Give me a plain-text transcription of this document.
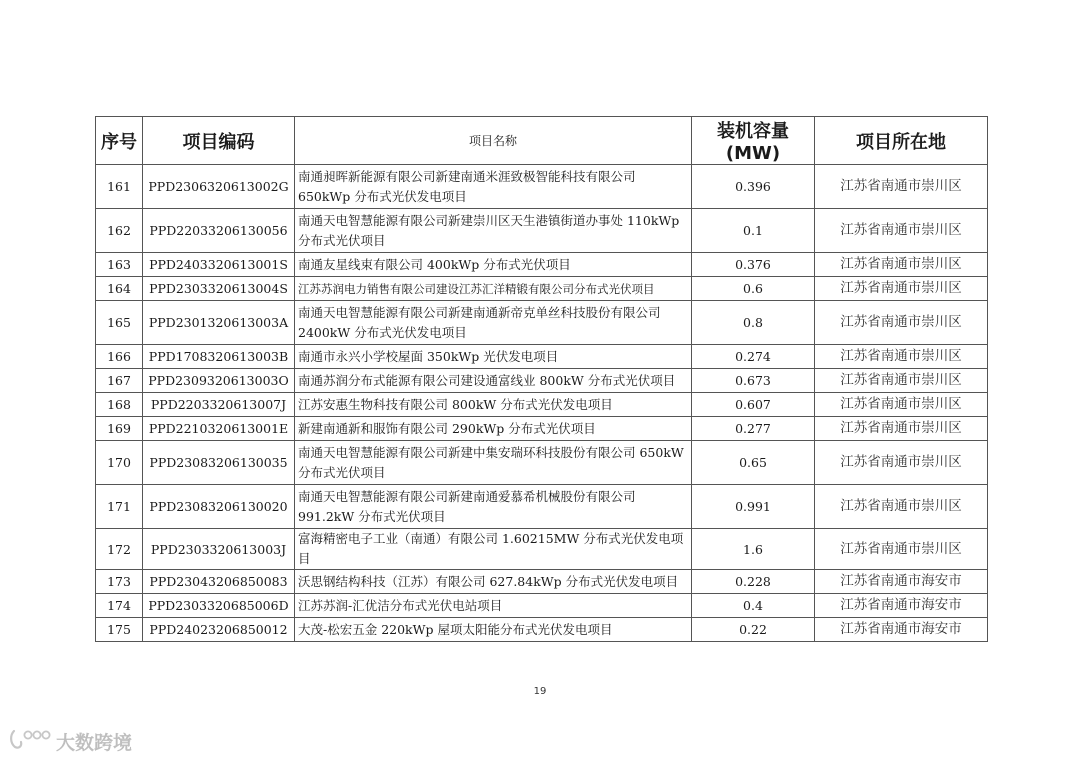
序号	项目编码	项目名称	装机容量(MW)	项目所在地
161	PPD2306320613002G	南通昶晖新能源有限公司新建南通米涯致极智能科技有限公司 650kWp 分布式光伏发电项目	0.396	江苏省南通市崇川区
162	PPD22033206130056	南通天电智慧能源有限公司新建崇川区天生港镇街道办事处 110kWp 分布式光伏项目	0.1	江苏省南通市崇川区
163	PPD2403320613001S	南通友星线束有限公司 400kWp 分布式光伏项目	0.376	江苏省南通市崇川区
164	PPD2303320613004S	江苏苏润电力销售有限公司建设江苏汇洋精锻有限公司分布式光伏项目	0.6	江苏省南通市崇川区
165	PPD2301320613003A	南通天电智慧能源有限公司新建南通新帝克单丝科技股份有限公司 2400kW 分布式光伏发电项目	0.8	江苏省南通市崇川区
166	PPD1708320613003B	南通市永兴小学校屋面 350kWp 光伏发电项目	0.274	江苏省南通市崇川区
167	PPD2309320613003O	南通苏润分布式能源有限公司建设通富线业 800kW 分布式光伏项目	0.673	江苏省南通市崇川区
168	PPD2203320613007J	江苏安惠生物科技有限公司 800kW 分布式光伏发电项目	0.607	江苏省南通市崇川区
169	PPD2210320613001E	新建南通新和服饰有限公司 290kWp 分布式光伏项目	0.277	江苏省南通市崇川区
170	PPD23083206130035	南通天电智慧能源有限公司新建中集安瑞环科技股份有限公司 650kW 分布式光伏项目	0.65	江苏省南通市崇川区
171	PPD23083206130020	南通天电智慧能源有限公司新建南通爱慕希机械股份有限公司 991.2kW 分布式光伏项目	0.991	江苏省南通市崇川区
172	PPD2303320613003J	富海精密电子工业（南通）有限公司 1.60215MW 分布式光伏发电项目	1.6	江苏省南通市崇川区
173	PPD23043206850083	沃思钢结构科技（江苏）有限公司 627.84kWp 分布式光伏发电项目	0.228	江苏省南通市海安市
174	PPD2303320685006D	江苏苏润-汇优洁分布式光伏电站项目	0.4	江苏省南通市海安市
175	PPD24023206850012	大茂-松宏五金 220kWp 屋项太阳能分布式光伏发电项目	0.22	江苏省南通市海安市
19
大数跨境
